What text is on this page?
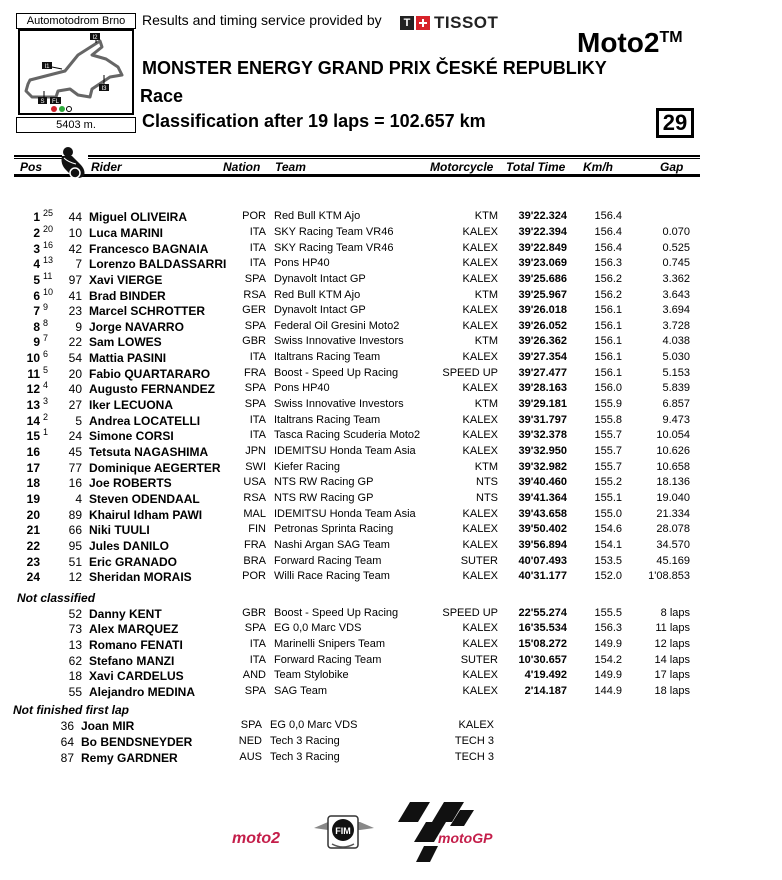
Automotodrom Brno
I2
I1
I3
S FL
5403 m.
Results and timing service provided by	T TISSOT
Moto2™
MONSTER ENERGY GRAND PRIX ČESKÉ REPUBLIKY
Race
Classification after 19 laps = 102.657 km	29
Pos	Rider	Nation Team	Motorcycle Total Time Km/h	Gap
1 25	44 Miguel OLIVEIRA	POR Red Bull KTM Ajo	KTM	39'22.324	156.4
2 20	10 Luca MARINI	ITA SKY Racing Team VR46	KALEX	39'22.394	156.4	0.070
3 16	42 Francesco BAGNAIA	ITA SKY Racing Team VR46	KALEX	39'22.849	156.4	0.525
4 13	7 Lorenzo BALDASSARRI	ITA Pons HP40	KALEX	39'23.069	156.3	0.745
5 11	97 Xavi VIERGE	SPA Dynavolt Intact GP	KALEX	39'25.686	156.2	3.362
6 10	41 Brad BINDER	RSA Red Bull KTM Ajo	KTM	39'25.967	156.2	3.643
7 9	23 Marcel SCHROTTER	GER Dynavolt Intact GP	KALEX	39'26.018	156.1	3.694
8 8	9 Jorge NAVARRO	SPA Federal Oil Gresini Moto2	KALEX	39'26.052	156.1	3.728
9 7	22 Sam LOWES	GBR Swiss Innovative Investors	KTM	39'26.362	156.1	4.038
10 6	54 Mattia PASINI	ITA Italtrans Racing Team	KALEX	39'27.354	156.1	5.030
11 5	20 Fabio QUARTARARO	FRA Boost - Speed Up Racing	SPEED UP	39'27.477	156.1	5.153
12 4	40 Augusto FERNANDEZ	SPA Pons HP40	KALEX	39'28.163	156.0	5.839
13 3	27 Iker LECUONA	SPA Swiss Innovative Investors	KTM	39'29.181	155.9	6.857
14 2	5 Andrea LOCATELLI	ITA Italtrans Racing Team	KALEX	39'31.797	155.8	9.473
15 1	24 Simone CORSI	ITA Tasca Racing Scuderia Moto2	KALEX	39'32.378	155.7	10.054
16	45 Tetsuta NAGASHIMA	JPN IDEMITSU Honda Team Asia	KALEX	39'32.950	155.7	10.626
17	77 Dominique AEGERTER	SWI Kiefer Racing	KTM	39'32.982	155.7	10.658
18	16 Joe ROBERTS	USA NTS RW Racing GP	NTS	39'40.460	155.2	18.136
19	4 Steven ODENDAAL	RSA NTS RW Racing GP	NTS	39'41.364	155.1	19.040
20	89 Khairul Idham PAWI	MAL IDEMITSU Honda Team Asia	KALEX	39'43.658	155.0	21.334
21	66 Niki TUULI	FIN Petronas Sprinta Racing	KALEX	39'50.402	154.6	28.078
22	95 Jules DANILO	FRA Nashi Argan SAG Team	KALEX	39'56.894	154.1	34.570
23	51 Eric GRANADO	BRA Forward Racing Team	SUTER	40'07.493	153.5	45.169
24	12 Sheridan MORAIS	POR Willi Race Racing Team	KALEX	40'31.177	152.0	1'08.853
Not classified
52 Danny KENT	GBR Boost - Speed Up Racing	SPEED UP	22'55.274	155.5	8 laps
73 Alex MARQUEZ	SPA EG 0,0 Marc VDS	KALEX	16'35.534	156.3	11 laps
13 Romano FENATI	ITA Marinelli Snipers Team	KALEX	15'08.272	149.9	12 laps
62 Stefano MANZI	ITA Forward Racing Team	SUTER	10'30.657	154.2	14 laps
18 Xavi CARDELUS	AND Team Stylobike	KALEX	4'19.492	149.9	17 laps
55 Alejandro MEDINA	SPA SAG Team	KALEX	2'14.187	144.9	18 laps
Not finished first lap
36 Joan MIR	SPA EG 0,0 Marc VDS	KALEX
64 Bo BENDSNEYDER	NED Tech 3 Racing	TECH 3
87 Remy GARDNER	AUS Tech 3 Racing	TECH 3
moto2	FIM	motoGP
